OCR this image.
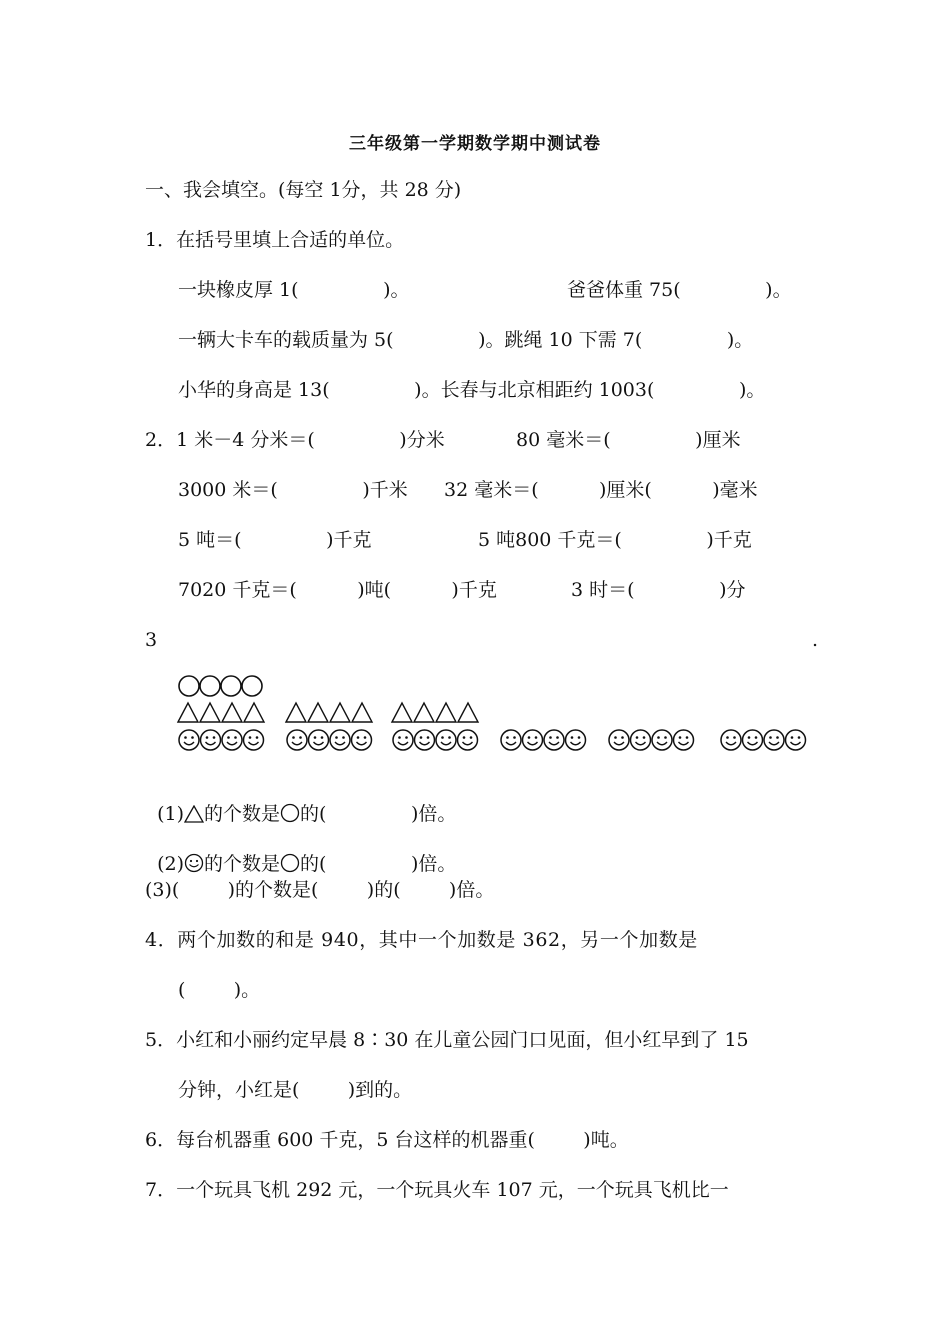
三年级第一学期数学期中测试卷
一、我会填空。(每空 1分，共 28 分)
1．在括号里填上合适的单位。
一块橡皮厚 1(              )。	爸爸体重 75(              )。
一辆大卡车的载质量为 5(              )。跳绳 10 下需 7(              )。
小华的身高是 13(              )。长春与北京相距约 1003(              )。
2．1 米－4 分米＝(              )分米	80 毫米＝(              )厘米
3000 米＝(              )千米 32 毫米＝(          )厘米(          )毫米
5 吨＝(              )千克	5 吨800 千克＝(              )千克
7020 千克＝(          )吨(          )千克	3 时＝(              )分
3	.

(1) 的个数是 的(              )倍。

(2) 的个数是 的(              )倍。

(3)(        )的个数是(        )的(        )倍。
4．两个加数的和是 940，其中一个加数是 362，另一个加数是
(        )。
5．小红和小丽约定早晨 8∶30 在儿童公园门口见面，但小红早到了 15
分钟，小红是(        )到的。
6．每台机器重 600 千克，5 台这样的机器重(        )吨。
7．一个玩具飞机 292 元，一个玩具火车 107 元，一个玩具飞机比一
